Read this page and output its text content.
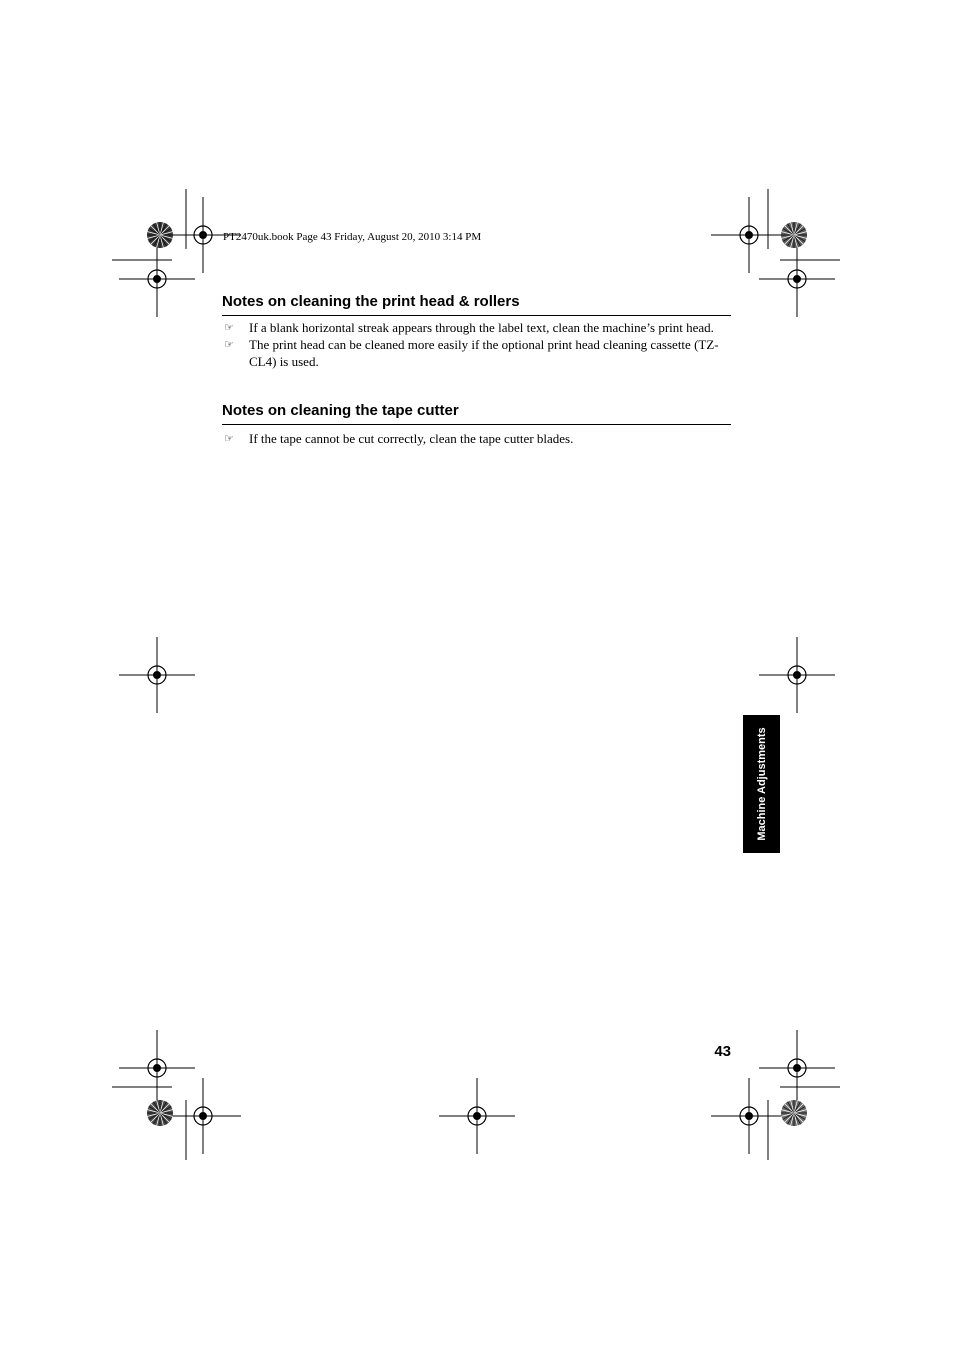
PT2470uk.book Page 43 Friday, August 20, 2010 3:14 PM
Notes on cleaning the print head & rollers
☞ If a blank horizontal streak appears through the label text, clean the machine’s print head.
☞ The print head can be cleaned more easily if the optional print head cleaning cassette (TZ-CL4) is used.
Notes on cleaning the tape cutter
☞ If the tape cannot be cut correctly, clean the tape cutter blades.
Machine Adjustments
43
